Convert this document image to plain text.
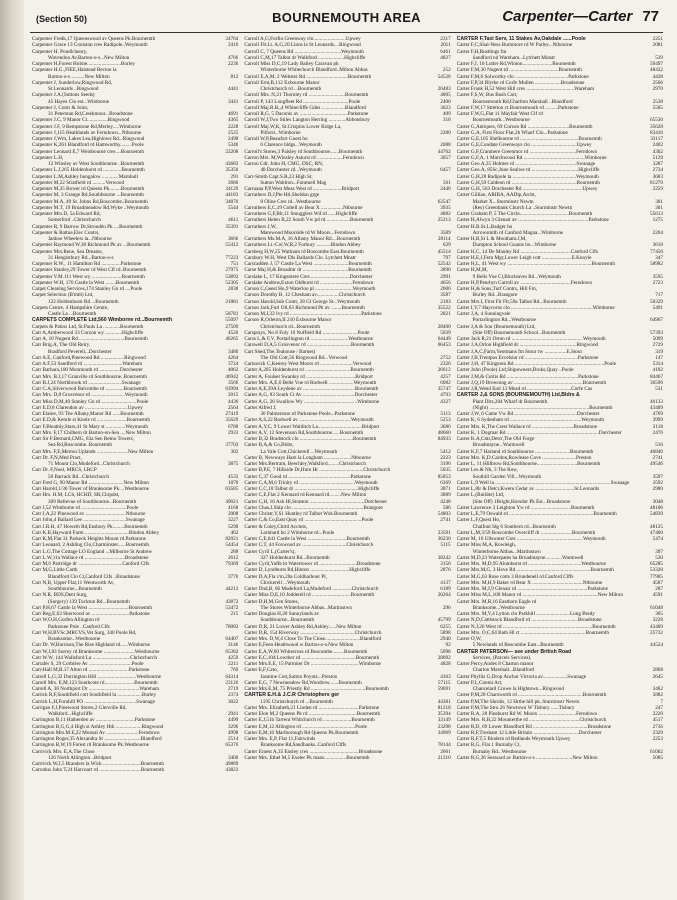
(Section 50)	BOURNEMOUTH AREA	Carpenter—Carter 77
Carpenter Fredk,17 Queenswood av Queens Pk.Bournemth	34764
Carpenter Grace 13 Coniston cres Radipole..Weymouth	2416
Carpenter H, Pondlchenry,
Wavendon Av,Barton-o-s...New Milton	4766
Carpenter H,Forest Holme..........................Burley	2230
Carpenter H.G.,FIEE,Halstead Becton la
Barton-o-s ..........New Milton	812
Carpenter J, Sunderlow,Ringwood Rd,
St.Leonards ..Ringwood	4441
Carpenter J.A.(Suttons Seeds)
45 Hayes Clo est...Wimborne	3441
Carpenter J, Contr & Joinr,
31 Peterstan Rd,Creekmoor...Broadstone	4691
Carpenter J.C, 9 Manor Ct................Ringwood	4365
Carpenter J.F, 9 Rempstone Rd,Merley.....Wimborne	2228
Carpenter J,115 Heathlands av Ferndown...Ntbourne	2525
Carpenter J,Wm, Lakes Lea,Highlows Rd...Ringwood	2498
Carpenter K,261 Blandford rd Hamworthy.........Poole	5340
Carpenter Leonard E,7 Weinbourne cres ...Bournemth	22208
Carpenter L.H,
12 Winsley av West Southbourne ..Bournemth	43683
Carpenter L.J,265 Holdenhurst rd ..............Bournemth	35350
Carpenter L.M,Ashley bungalow .............Marnhull	291
Carpenter M,22 Stratfield rd ..........Verwood	2680
Carpenter M,35 Bower rd Queens Pk.........Bournemth	34129
Carpenter M, 3 Grange Rd,Southbourne ...Bournemth	44183
Carpenter M.A, 49 St. Johns Rd,Boscombe..Bournemth	34876
Carpenter M.T, 19 Broadmeadow Rd,Wyke ..Weymouth	5544
Carpenter Mrs.D, 5a Edward Rd,
Somerford ..Christchurch	4611
Carpenter R, 9 Barrow Dr,Stroudén Pk ....Bournemth	35391
Carpenter & Rattue,Elec Contrs,
Janhoe Wheelers la...Ntbourne	3666
Carpenter Raymond W,38 Richmond Pk av ...Bournemth	55412
Carpenter Mrs.Rene, Sea Dreams,
31 Hengistbury Rd...Barton-o-s	77223
Carpenter R.W., 11 Hamilton Rd ...............Parkstone	751
Carpenter Stanley,29 Tower rd West Clf rd..Bournemth	27975
Carpenter V.M.111 West wy .......................Bournemth	53892
Carpenter W.H, 176 Castle la West ........Bournemth	52305
Carpet Cleaning Services,174 Stanley Gn rd ....Poole	2838
Carpet Selection (B'mth) Ltd,
122 Holdenhurst Rd ...Bournemth	21881
Carpets Centre, 4 Hampshire Centre,
Castle La ...Bournemth	58781
CARPETS COMPLETE Ltd,560 Wimborne rd...Bournemth	55097
Carpets & Patios Ltd, St.Pauls La .............Bournemth	27509
Carr A,Amberwood 33 Corzon wy .............Highcliffe	4520
Carr A, 10 Nugent Rd ...................................Bournemth	46265
Carr Brig.A, The Old Reiry,
Bradford Peverell...Dorchester	3480
Carr A.E, Canford,Pinewood Rd ..................Ringwood	4264
Carr A.F,53 Sandford rd ..............................Wareham	3724
Carr Barbara,100 Monmouth rd ................Dorchester	4062
Carr Mrs. B.J,17 Granville rd Southbourne..Bournemth	46942
Carr B.J,24 Northbrook rd ..........................Swanage	3566
Carr C.A,Silverwood Balcombe rd ..............Bournemth	63994
Carr Mrs. D,8 Grosvenor rd ..........................Weymouth	2015
Carr Miss D,M,40 Stanley Gn rd ...........................Poole	4436
Carr E.D,8 Clarendon av .................................Upwey	2564
Carr Elaine, 93 The Albany,Manor Rd ......Bournemth	27419
Carr E.D,& Kemle st Knole rd .......................Bournemth	35629
Carr F,Bleathly,Stars,41 St Mary st ...............Weymouth	6788
Carr Mrs. F,17 Chilbern dr Barton-on-Sea ....New Milton	2933
Carr Sir F.Bernard,CMG, 83a Sen Remo Towers,
Sea Rd,Boscombe..Bournemth	37703
Carr Mrs. F,E,Merton Uplands ........................New Milton	302
Carr Dr. F,N,Med Pract,
71 Mount Clo,Mudeford...Christchurch	3875
Carr Dr. F,Noel, MRCS, LRCP
50 Barrack Rd...Christchurch	4533
Carr Fred G, 90 Manor Rd ...........................New Milton	1870
Carr Harold,1/36 Tower of Branksome Pk....Westbourne	63585
Carr Hrs. H.M, LCh, HCHD, SR,Chrpdst,
309 Bellevue rd Southbourne...Bournemth	49021
Carr J,52 Wimborne rd ...................................Poole	4168
Carr J,A,22 Pinewood av ...............................Ntbourne	2008
Carr John,4 Ballard Lee .................................Swanage	3227
Carr J.R.H, 47 Howeth Rd,Ensbury Pk.........Bournemth	5290
Carr K.B,Hayward Farm ..................................Bindon Abbey	462
Carr K,M,Flat 31 Parkeck Heights Mount rd.Parkstone	82021
Carr Leonard, 2 Ashling Clo,Charminster......Bournemth	54454
Carr L.G,The Cottage LO England ...Milborne St Andrew	288
Carr L.W,11a Wallace rd ...............................Broadstone	2612
Carr M,6 Partridge dr ..................................Canford Clfs	79369
Carr M,G,Little Carth
Blandford Clo Ct,Canford Clfs ..Broadstone	3776
Carr N,B, Upper Flat,11 Wentworth Av,
Southbourne...Bournemth	44213
Carr N.R, BDS,Dent Surg,
(Surgery) 139 Tuckton Rd...Bournemth	43872
Carr P,H,67 Castle la West ...............................Bournemth	53472
Carr Reg,E,63 Sherwood av .............................Parkstone	215
Carr W,O,H,Gorfen Allington rd
Parkstone Pole ..Canford Clfs	78082
Carr W,H,BVSc,MRCVS,Vet Surg, 340 Poole Rd,
Branksome...Westbourne	64407
Carr Dr. W,Harrison,The Rise Highland rd......Wimborne	3146
Carr W,J,83 Surrey rd Branksome ........................Westbourne	65382
Carr W.W, 144 Wallsford La .............................Christchurch	4259
Carrafer S, 29 Corbière Av .................................Poole	2211
Carr-Hall M,R.17 Alton rd ...............................Parkstone	769
Carrell L,G,32 Durrington Hill ..............................Westbourne	64314
Carrell Mrs. E,M,123 Southcote rd.......................Bournemth	23126
Carrell A, 36 Northport Dr .......................................Wareham	2719
Carrick R,F,Southfield cott Southfield la ...................Burley	2374
Carrick L,H,Furuhill PO ........................................Swanage	3022
Carrigan F,J,Pinewood Stores,2 Glenville Rd,
Walkford...Highcliffe	2941
Carrington B,11 Hatherden av ..............................Parkstone	4499
Carrington B,G,G,4 High st Ashley Hth ....................Ringwood	3296
Carrington Mrs.M.E,22 Monsal Av .........................Ferndown	4998
Carrington Roger,35 Alexandra St ............................Blandford	2514
Carrington R,W,19 Forest rd Branksome Pk.Westbourne	65376
Carrivick Mrs. E,A,The Close
126 North Allington ..Bridport	3400
Carrivick W,J,5 Branders la Wick .............................Bournemth	49889
Carrodus John T,24 Harcourt rd ................................Bournemth	43823
Carroll A,G,Forfin Greenway clo.........................Upwey	2317
Carroll Flt.Lt. A,G,20 Llons la St Leonards....Ringwood	2011
Carroll C, 7 Queens Rd ....................................Weymouth	6461
Carroll C,M,17 Talbot dr Walkford ....................Highcliffe	4827
Carroll Miss D,C,19 Lady Bailey Caravan pk
Winterborne Whitechurch Blandford..Milton Abbas	252
Carroll E,A,M, 2 Webster Rd ................................Bournemth	54528
Carroll Ernt,B,112 Exbourne Manor
Christchurch rd ...Bournemth	26483
Carroll Mrs. N,21 Thornley rd ............................Bournemth	4805
Carroll P, 143 Longfleet Rd ...................................Poole	2400
Carroll Maj.R.B,,4 Whitecliffe Gdns ..................Blandford	3623
Carroll R,G, 5 Daconis av .....................................Parkstone	409
Carroll W,J,Two Stiles Langton Herring .............Abbotsbury	318
Carroll Maj.W,K, St.Crispins Lower Ridge La,
Pilford...Wimborne	2280
Carroll W,P,Beaufort Guest ho
6 Clarence bldgs...Weymouth	2088
Carroll's Stores,3 Paisley rd Southbourne.......Bournemth	44762
Carron Mrs. M,Winsley Asturst rd ....................Ferndown	3057
Carron Cdr. John H, CMG, DSC, RN,
40 Dorchester rd...Weymouth	6457
Carr-Smith Capt.S.R,23 High St,
Sutton Waldron...Fontmell Mag	561
Carruana P,P,West Meas West rd ......................Bridport	2446
Carruthers D,J,Pte Htl,Sheldon grge
8 Oline Cres rd...Westbourne	63547
Carruthers E,C,19 Coltell av Bear X .................Ntbourne	3935
Carruthers G,F,Blr,11 Smugglers Wd rd ......Highcliffe	4882
Carruthers Helen B,22 South Vw pd rd ..................Bournemth	25213
Carruthers J,W,
Marewood Moorside rd W Moors...Ferndown	3589
Carruthers Ms.M.A, 16 Albany Manor Rd....Bournemth	28114
Carruthers Lt.-Col.W,R,2 Forbury ...........Bindon Abbey	629
Carsberg H,W,25 Watlnam rd Boscombe East.Bournemth	45514
Carsbury W.H, West Dls Ballards Clo. Lytchett Mnstr	797
Carscadden J, 57 Castle La West ...........................Bournemth	52542
Carse Maj H,& Broadmr dr ...................................Bournemth	3890
Carslake L, 17 Kingsmere Cres ..............................Dorchester	2991
Carslake Andrew,Exton Oldhurst rd .........................Ferndown	4656
Carson C,Geest Ho,9 Waterloo pl .............................Weymouth	2606
Carson Dorothy B, 12 Chesham av.................Christchurch	3587
Carson Harold,Sub Contr, 28 Gl George St...Weymouth	2183
Carson Jack,Furl Oll,63 Richmond Pk av ........Bournemth	35522
Carson M,J,32 Ivy rd .......................................................Parkstone	2821
Carson R,Orleton,II 210 Exbourne Manor
Christchurch rd...Bournemth	28400
Carsprays, No 8 Foly 10 Nuffield Rd ...........................Poole	5039
Carss L,& F,V, Portarlington rd .............................Westbourne	64449
Carswell D,A,5 Grosvenor rd ..................................Bournemth	66453
Cart Shed,The,Teahouse / Barnes)
The Old Cott,56 Ringwood Rd...Verwood	2752
Cartawick C,Kenrey West Moors rd .........................Verwood	2326
Carter A,205 Holdenhurst rd ...................................Bournemth	26612
Carter A, Foulset Swanley rd ......................................Bridport	4257
Carter Mrs. A,E,6 Belle Vue rd Rodwell ...................Weymouth	6082
Carter A,E,39A Leydene av ........................................Bournemth	35747
Carter A,G, 83 South Ct Av ........................................Dorchester	4793
Carter A,G, 26 Swallow Wy .........................................Wimborne	4327
Carter Alfred J,
36 Palmerston rd Parkstone Poole...Parkstone	5113
Carter A,S,22 Rodwell av ........................................Weymouth	5253
Carter A,Y,C, 9 Lower Walditch La..................................Bridport	3686
Carter A,V, 12 Stevenson Rd,Southbourne......Bournemth	48660
Carter B,32 Bradstock clo .........................................Bournemth	84933
Carter B,A,& Co,Bldrs,
La Vale Cott,Chickerell ...Weymouth	5412
Carter B, Newways Ham la Longham .....................Ntbourne	2223
Carter Mrs.Bertram, Beechley,Walkford.........Christchurch	3196
Carter B,P,E, 7 Hillside Dr,Hum Hr ..................................Christchurch	5035
Carter C,37 Good rd ................................................Parkstone	85853
Carter C,A,M,6 Trinity rd ...........................................Weymouth	6369
Carter C,C,10 Talbot dr .................................................Highcliffe	3871
Carter C,E,Flat 2 Kennard rd Kennard rd.........New Milton	3889
Carter C,H, 16 Ash Hl,Stratton ..........................................Dorchester	4248
Carter Chas,J,Ship clo .......................................................Brangore	586
Carter Christr,Y,S1 Huntley rd Talbot Wds.Bournemth	54803
Carter C,& Co,East Quay rd ............................................Poole	2741
Carter & Coley,Chrtd Acctnts,
Lombard ho 2 Wimborne rd...Poole	23591
Carter C,E,641 Castle la West ..............................Bournemth	36230
Carter C,T, 44 Foxwood av ..................................Christchurch	5115
Carter Cyril L,(Carter's),
327 Holdenhurst Rd...Bournemth	38242
Carter Cyril,Yaffe ht Watertower rd .............................Broadstone	3156
Carter D, Lyndhurst Rd,Hinton ..............................Highcliffe	2876
Carter D,A,Fla r/m,20a Coldharbour Pl,
Chickerell ...Weymouth	4137
Carter Dnd,B, 66 Mudeford La,Mudeford ...............Christchurch	6189
Carter Miss D,E,10 Jodderell rd ..............................Bournemth	20264
Carter D,H,M,Gen Stores,
The Stores Winterborne Abbas...Martinstwn	296
Carter Douglas H,20 Sunnylands av
Southbourne...Bournemth	45799
Carter D,R, 21 Lower Ashley Rd,Ashley......New Milton	6255
Carter D,R, 154 Riverway ..........................................Christchurch	5898
Carter Mrs. D,W,4 Close To The Close...........................Blandford	2940
Carter E,Feen Heathwood w Barton-o-s.New Milton	92
Carter E,A,W,60 Whitecross rd Boscombe.........Bournemth	5098
Carter E,C,104 Lowther rd ..........................................Bournemth	28092
Carter Mrs.E,E, 15 Parmiter Dr .....................................Wimborne	4828
Carter E,F,Cato,
Jasmine Cott,Sutton Poyntz...Preston	4363
Carter E,G, 7 Newmeadow Rd,Woodrow.......Bournemth	57115
Carter Mrs.E,M, 75 Priestly Rd ..........................................Bournemth	59691
CARTER E.H.& J.C.R Christophers ger
1195 Christchurch rd ...Bournemth	44381
Carter Mrs. Elizabeth,21 Linden rd ...............................Parkstone	81218
Carter Elon M,2 Queens Pk rd .....................................Bournemth	35394
Carter E,J,51b Tarrent Whitchurch rd ......................Bournemth	33149
Carter E,M,12 Allington rd .........................................Poole	23298
Carter E,M,10 Marlborough Rd Queens Pk.Bournemth	34969
Carter Mrs. E,P, Flat 11,Fairwinds
Branksome Rd,Sandbanks..Canford Clffs	78144
Carter Ernest A,35 Ensley cres ......................................Broadstone	2661
Carter Mrs. Ethel M,5 Exeter Pk mans.................Bournemth	21310
CARTER F,Taxi Serv, 11 Stakes Av,Oakdale ......Poole	2251
Carter F,C,Shal-Ness Burnmore rd W Parley...Ntbourne	2081
Carter F,H,Rustlings fm
Sandford nd Wareham...Lytchett Minstr	539
Carter F,J, 10 Lutler Rd,Winton.......................Bournemth	59497
Carter F,M,30 Nugent rd ......................................Bournemth	48432
Carter F,M,6 Solworthy clo .........................................Parkstone	4438
Carter F,P,34 Blythe rd Corfe Mullen ....................Broadstone	2566
Carter Frank H,52 West Hill cres .....................................Wareham	2970
Carter F,S,W, Bus Bush Cott,
Bournemouth Rd,Charlton Marshall ..Blandford	2538
Carter F,W,17 Stretton ct Bournemouth rd ..........Parkstone	5585
Carter F,W,G,Flat 11 Mayfair West Clf rd
Bournemouth...Westbourne	65530
Carter G,Antiques, 69 Curzon Rd ................................Bournemth	35628
Carter G,A, First Floor Flat,2b Wharf Clo...Parkstone	83416
Carter G,E,105 Shelbourne rd .............................................Bournemth	33117
Carter G,E,Condate Greenways clo ...................................Upwey	2402
Carter G,F,Cranmere Greenmor rd ....................................Ferndown	4302
Carter G,F,A, 1 Marchwood Rd ...............................................Wimborne	5129
Carter Geo.A,35 Holmes rd ...............................................Swanage	3287
Carter Geo.A, 85Sc,June Sealwe rd ....................................Highcliffe	2734
Carter G,H,28 Radipole la .................................................Weymouth	3683
Carter G,H,59 Caldeon rd ..................................................Bournemth	81270
Carter G,H, 563 Dorchester Rd ..............................................Upwey	2259
Carter Gillian, ARIBA, AADip,Archt,
Market X...Sturminstr Newtn	301
(Res) Greenbank Church La ..Sturminstr Newtn	301
Carter Graham P, 5 The Circle......................................Bournemth	55613
Carter H,Alwyn 3 Glenair av ......................................................Parkstone	1275
Carter H.B.St.L,Badger ho
Arrowsmith rd Canford Magna...Wimborne	2204
Carter H,B,St L & Mootham.J,M,
Dumpton School Guants ho...Wimborne	3618
Carter H,C, 14 De Mauley Rd .......................................Canford Clfs	77456
Carter H,E,J,Fern Mgr,Lower Leigh cott .......................E.Knoyle	347
Carter H,L, 41 West wy .................................................................Bournemth	58982
Carter H,M,M,
9 Bells Vue Cl,Bincleaves Rd...Weymouth	3595
Carter H,P,Penrhyn Carroll av .......................................Ferndown	2723
Carter H,& Sons,Turf Contrs, Hill Fm,
Burley Rd...Brangore	717
Carter Mrs.I, First Flr Flt,59a Talbot Rd...Bournemth	50329
Carter I,V,7 Haycorns clo ...............................................................Wimborne	5491
Carter J,A, 4 Sunningvale
Portarlington Rd...Westbourne	64967
Carter J,A & Son (Bournemouth) Ltd,
(Site Off) Bournemouth School...Bournemth	57393
Carter Jack R,21 Orton rd .......................................................Weymouth	5099
Carter J,A,Orlon Highfield dr ............................................Ringwood	2729
Carter J,A,C,Farm,Yeotmans fm Stour rw .................E.Stour	319
Carter J,B,Trentpos Eccelsior rd .........................................Parkstone	147
Carter J,H, 47 Kingston Rd .....................................................................Poole	5314
Carter John (Poole) Ltd,Shipowners,Broks,Quay ..Poole	4102
Carter J,M,& Curtis Rd .......................................................Parkstone	84467
Carter J,Q,19 Browning av .....................................................Bournemth	36596
Carter J,R,Wend End 13 Mead rd ..................................Corfe Cas	531
CARTER J,& SONS (BOURNEMOUTH) Ltd,Bldrs &
Plant Dlrs,204 Wharf dr Bournemth	46133
(Night) .............................................................................Bournemth	43409
Carter J,W, 6 Came Vw Rd ................................................Dorchester	4769
Carter K, 6 Sydenham rd .......................................................Weymouth	3999
Carter Mrs. K,The Crest Wallace rd ................................Broadstone	2118
Carter K, 1 Dogmar Rd .......................................................................Dorchester	2476
Carter K.A,Cntr,Detcr,The Old Forge
Broadmayne...Warmwell	516
Carter K,F,7 Harland rd Southbourne ...........................Bournemth	46840
Carter Mrs. K,D,Cardon,Rowlease Cove ..........................Preston	2741
Carter L, 11 Hillbrow Rd,Southbourne...............................Bournemth	49546
Carter Les.& Nh, 3 The Row,
Southill Garden Vill...Weymouth	3597
Carter L,9 Well la .........................................................................................Swanage	3592
Carter L,8lr & Detcr,Kwetu Cedar av ..............................St.Leonards	2980
Carter L,(Builder) Ltd,
(Site Off) 1Bright,Horsdor Pk Est...Broadstone	3048
Carter Lawrence 3 Leighton Yw rd ...............................Bournemth	48106
Carter L,E,79 Oswald rd .................................................................Bournemth	54839
Carter L,F,Quest Ho,
Chalfont Idg 6 Southern rd...Bournemth	48125
Carter L,M,3/59 Boscombe Overcliff dr ........................Bournemth	47460
Carter M, 16 Ullswater Cres ...................................................Weymouth	5474
Carter Miss M,A, Rowleigh,
Winterborne Abbas...Martinstwn	397
Carter M,D,23 Waterpates ha Broadmayne.............Warmwell	530
Carter Mrs. M,D,95 Alumhurst rd .........................................Westbourne	65285
Carter Mrs.M,G, 3 Hove Rd .........................................................Bournemth	53320
Carter M,G,63 Rose cotts 3 Brundenell rd.Canford Clffs	77905
Carter Mrs. M,H,9 Baker rd Bear X .......................................Ntbourne	4587
Carter Mrs. M,J,9 Glenair rd ......................................................Parkstone	287
Carter Miss M,L,108 Manor rd ..........................................................New Milton	4591
Carter Mrs. M,R,16 Easthorn Eagle rd
Branksome...Westbourne	61048
Carter Mrs. M,V,4 Lytton clo Parkhill ..........................Long Bredy	365
Carter N,D,Cattlstock Blandford rd ....................................Broadstone	3228
Carter N,J,20 West rd .....................................................................Bournemth	43409
Carter Mrs. O,C,64 Bath Hl ct ..................................................Bournemth	25732
Carter O,W,
5 Newlands rd Boscombe East...Bournemth	44524
CARTER PATERSON— see under British Road
Services, (Parcels Services).
Carter Percy,Andes 8 Charton manor
Charton Marshall...Blandford	2868
Carter Phyllis G,Drop Anchor Victoria av...................Swanage	2645
Carter P,L,Conmi Art,
Chancelard Crowe la Hightown...Ringwood	3462
Carter P,M,28 Charsworth rd ..................................................Bournemth	5882
Carter P,M,The Shrubs, 12 Hrthe hill pk..Sturminstr Newtn	7
Carter P,M,The Stru 26 Newtown W Tisbury ......Tisbury	247
Carter R,A, 28 Pinehurst Rd W. Moors .............................Ferndown	2220
Carter Mrs. R,B,22 Mounterthe rd .......................................Christchurch	4517
Carter R,D, 69 Lower Blandford Rd ..........................................Broadstone	2736
Carter R,F,Tresham 12 Little Britain ...................................Dorchester	2329
Carter R,F,T,5 Bindern rd Redlands Weymouth.Upwey	2253
Carter R,G, Flat 1 Burnaby Ct,
Burnaby Rd...Westbourne	61062
Carter R,G,36 Seaward av Barton-o-s ............................New Milton	5085
